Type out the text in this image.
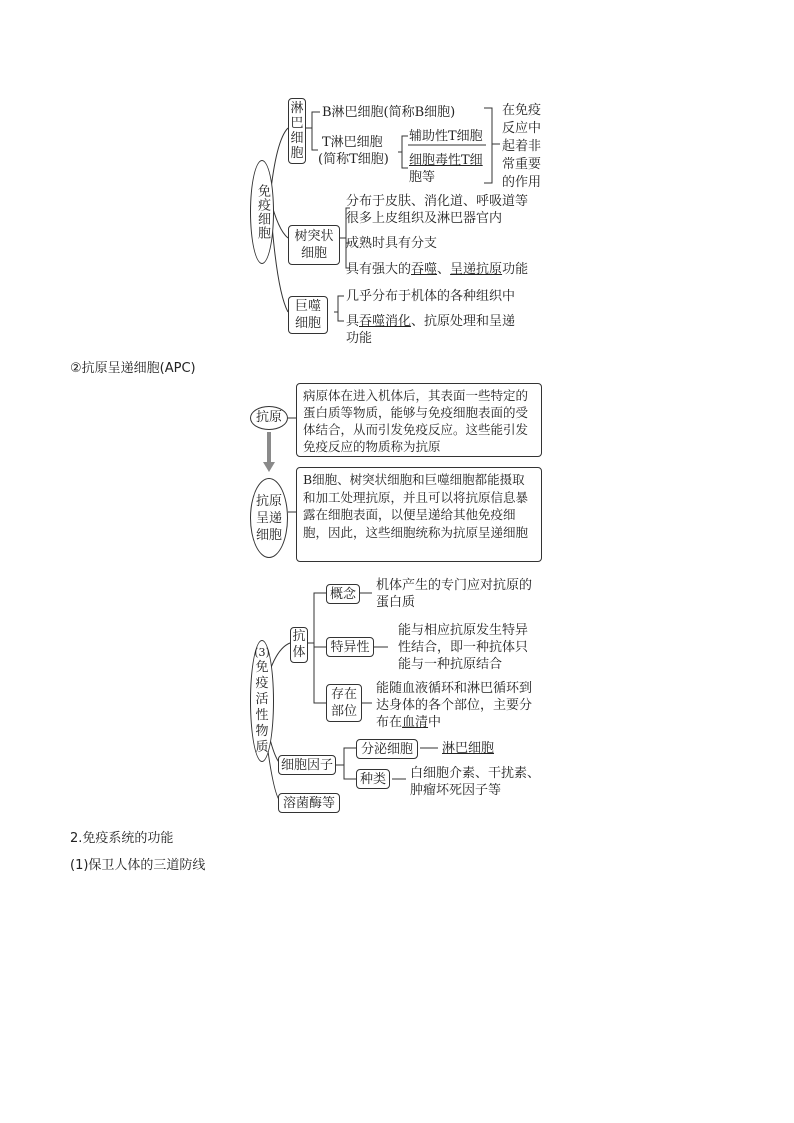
免疫细胞
淋巴细胞
B淋巴细胞(简称B细胞)
T淋巴细胞
(简称T细胞)
辅助性T细胞
细胞毒性T细
胞等
在免疫反应中起着非常重要的作用
树突状细胞
分布于皮肤、消化道、呼吸道等
很多上皮组织及淋巴器官内
成熟时具有分支
具有强大的吞噬、呈递抗原功能
巨噬细胞
几乎分布于机体的各种组织中
具吞噬消化、抗原处理和呈递
功能
②抗原呈递细胞(APC)
抗原
病原体在进入机体后，其表面一些特定的蛋白质等物质，能够与免疫细胞表面的受体结合，从而引发免疫反应。这些能引发免疫反应的物质称为抗原
抗原呈递细胞
B细胞、树突状细胞和巨噬细胞都能摄取和加工处理抗原，并且可以将抗原信息暴露在细胞表面，以便呈递给其他免疫细胞，因此，这些细胞统称为抗原呈递细胞
(3)
免疫活性物质
抗体
概念
机体产生的专门应对抗原的
蛋白质
特异性
能与相应抗原发生特异
性结合，即一种抗体只
能与一种抗原结合
存在部位
能随血液循环和淋巴循环到
达身体的各个部位，主要分
布在血清中
细胞因子
分泌细胞 淋巴细胞
种类 白细胞介素、干扰素、
肿瘤坏死因子等
溶菌酶等
2.免疫系统的功能
(1)保卫人体的三道防线
